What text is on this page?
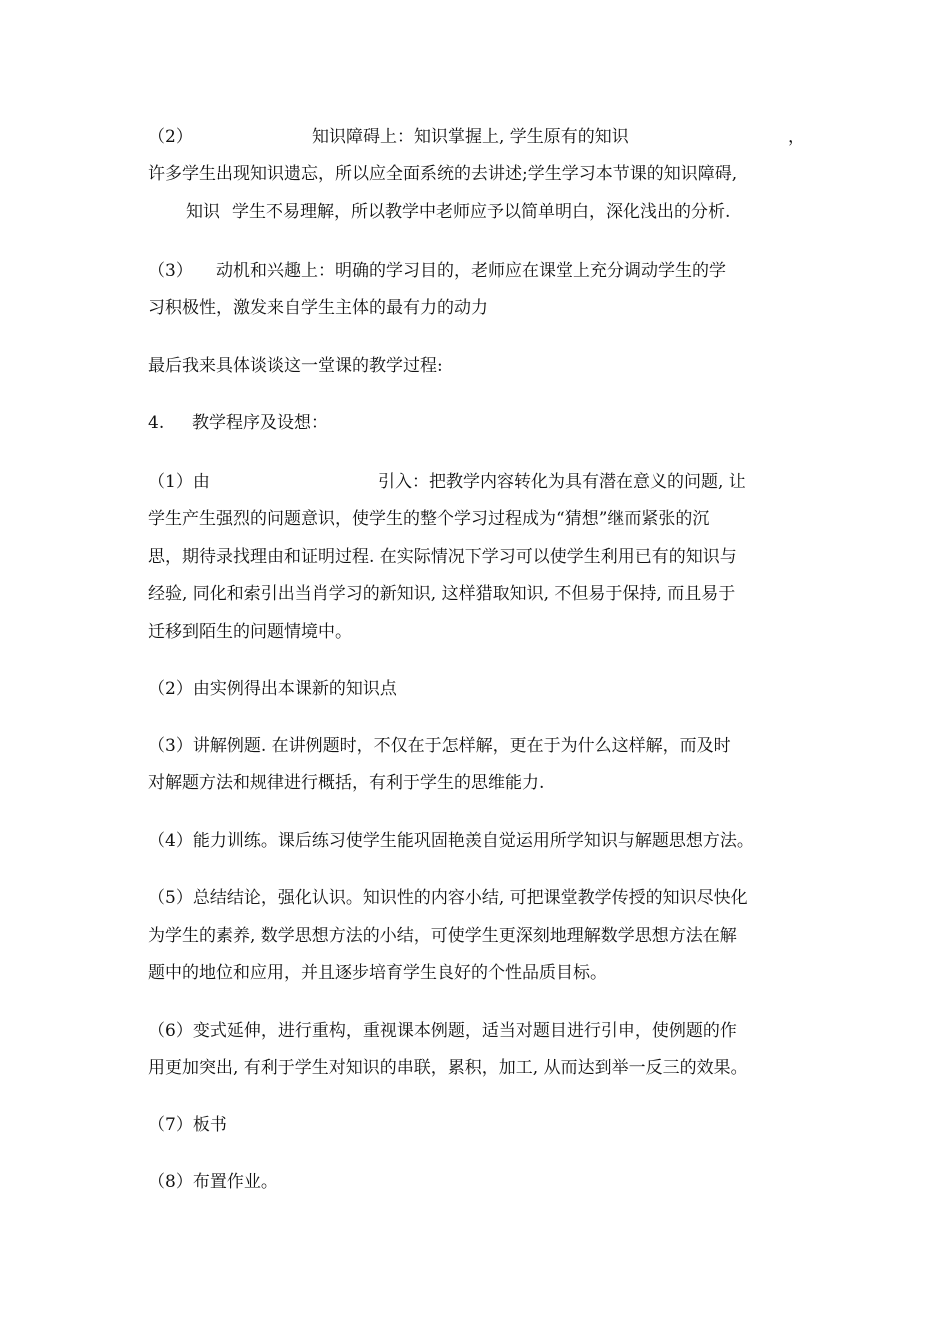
（2）	知识障碍上：知识掌握上, 学生原有的知识	，

许多学生出现知识遗忘，所以应全面系统的去讲述;学生学习本节课的知识障碍,

知识 学生不易理解，所以教学中老师应予以简单明白，深化浅出的分析.

（3） 动机和兴趣上：明确的学习目的，老师应在课堂上充分调动学生的学

习积极性，激发来自学生主体的最有力的动力

最后我来具体谈谈这一堂课的教学过程:

4. 教学程序及设想：

（1）由	引入：把教学内容转化为具有潜在意义的问题, 让

学生产生强烈的问题意识，使学生的整个学习过程成为“猜想”继而紧张的沉

思，期待录找理由和证明过程. 在实际情况下学习可以使学生利用已有的知识与

经验, 同化和索引出当肖学习的新知识, 这样猎取知识, 不但易于保持, 而且易于

迁移到陌生的问题情境中。

（2）由实例得出本课新的知识点

（3）讲解例题. 在讲例题时，不仅在于怎样解，更在于为什么这样解，而及时

对解题方法和规律进行概括，有利于学生的思维能力.

（4）能力训练。课后练习使学生能巩固艳羡自觉运用所学知识与解题思想方法。

（5）总结结论，强化认识。知识性的内容小结, 可把课堂教学传授的知识尽快化

为学生的素养, 数学思想方法的小结，可使学生更深刻地理解数学思想方法在解

题中的地位和应用，并且逐步培育学生良好的个性品质目标。

（6）变式延伸，进行重构，重视课本例题，适当对题目进行引申，使例题的作

用更加突出, 有利于学生对知识的串联，累积，加工, 从而达到举一反三的效果。

（7）板书

（8）布置作业。
